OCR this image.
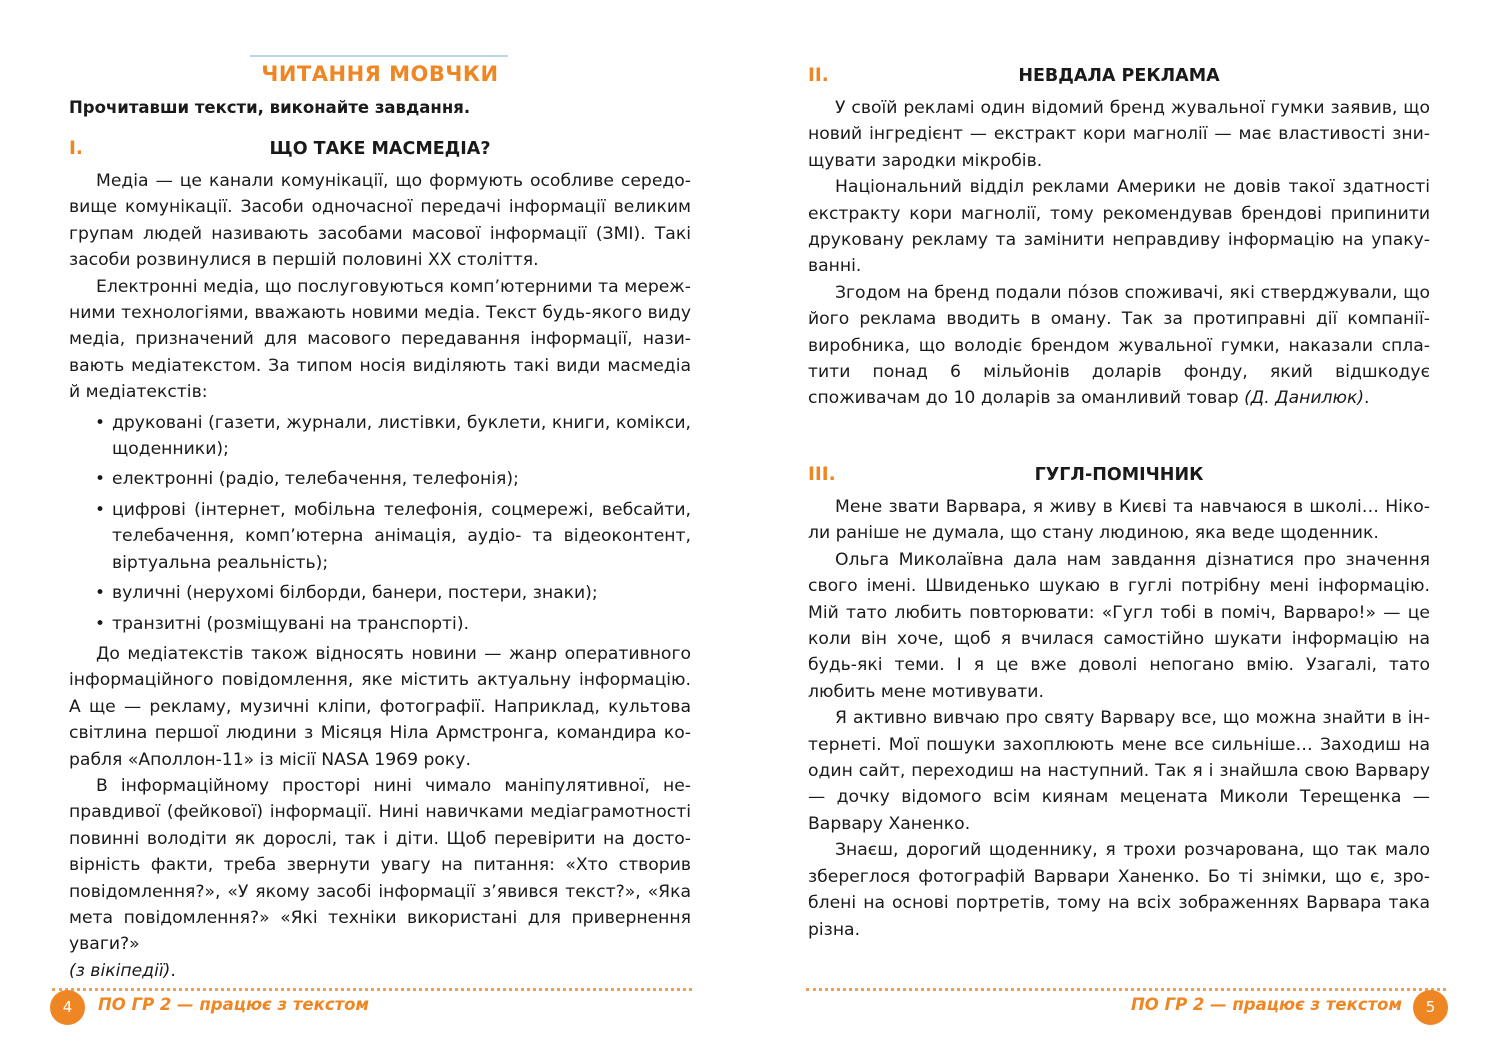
ЧИТАННЯ МОВЧКИ
Прочитавши тексти, виконайте завдання.
I.	ЩО ТАКЕ МАСМЕДІА?

Медіа — це канали комунікації, що формують особливе середовище комунікації. Засоби одночасної передачі інформації великим групам людей називають засобами масової інформації (ЗМІ). Такі засоби розвинулися в першій половині XX століття.

Електронні медіа, що послуговуються комп’ютерними та мережними технологіями, вважають новими медіа. Текст будь-якого виду медіа, призначений для масового передавання інформації, називають медіатекстом. За типом носія виділяють такі види масмедіа й медіатекстів:

• друковані (газети, журнали, листівки, буклети, книги, комікси, щоденники);
• електронні (радіо, телебачення, телефонія);
• цифрові (інтернет, мобільна телефонія, соцмережі, вебсайти, телебачення, комп’ютерна анімація, аудіо- та відеоконтент, віртуальна реальність);
• вуличні (нерухомі білборди, банери, постери, знаки);
• транзитні (розміщувані на транспорті).

До медіатекстів також відносять новини — жанр оперативного інформаційного повідомлення, яке містить актуальну інформацію. А ще — рекламу, музичні кліпи, фотографії. Наприклад, культова світлина першої людини з Місяця Ніла Армстронга, командира корабля «Аполлон-11» із місії NASA 1969 року.

В інформаційному просторі нині чимало маніпулятивної, неправдивої (фейкової) інформації. Нині навичками медіаграмотності повинні володіти як дорослі, так і діти. Щоб перевірити на достовірність факти, треба звернути увагу на питання: «Хто створив повідомлення?», «У якому засобі інформації з’явився текст?», «Яка мета повідомлення?» «Які техніки використані для привернення уваги?»

(з вікіпедії).

4	ПО ГР 2 — працює з текстом
II.	НЕВДАЛА РЕКЛАМА

У своїй рекламі один відомий бренд жувальної гумки заявив, що новий інгредієнт — екстракт кори магнолії — має властивості знищувати зародки мікробів.

Національний відділ реклами Америки не довів такої здатності екстракту кори магнолії, тому рекомендував брендові припинити друковану рекламу та замінити неправдиву інформацію на упакуванні.

Згодом на бренд подали пóзов споживачі, які стверджували, що його реклама вводить в оману. Так за протиправні дії компанії-виробника, що володіє брендом жувальної гумки, наказали сплатити понад 6 мільйонів доларів фонду, який відшкодує споживачам до 10 доларів за оманливий товар (Д. Данилюк).

III.	ГУГЛ-ПОМІЧНИК

Мене звати Варвара, я живу в Києві та навчаюся в школі… Ніколи раніше не думала, що стану людиною, яка веде щоденник.

Ольга Миколаївна дала нам завдання дізнатися про значення свого імені. Швиденько шукаю в гуглі потрібну мені інформацію. Мій тато любить повторювати: «Гугл тобі в поміч, Варваро!» — це коли він хоче, щоб я вчилася самостійно шукати інформацію на будь-які теми. І я це вже доволі непогано вмію. Узагалі, тато любить мене мотивувати.

Я активно вивчаю про святу Варвару все, що можна знайти в інтернеті. Мої пошуки захоплюють мене все сильніше… Заходиш на один сайт, переходиш на наступний. Так я і знайшла свою Варвару — дочку відомого всім киянам мецената Миколи Терещенка — Варвару Ханенко.

Знаєш, дорогий щоденнику, я трохи розчарована, що так мало збереглося фотографій Варвари Ханенко. Бо ті знімки, що є, зроблені на основі портретів, тому на всіх зображеннях Варвара така різна.

ПО ГР 2 — працює з текстом	5
